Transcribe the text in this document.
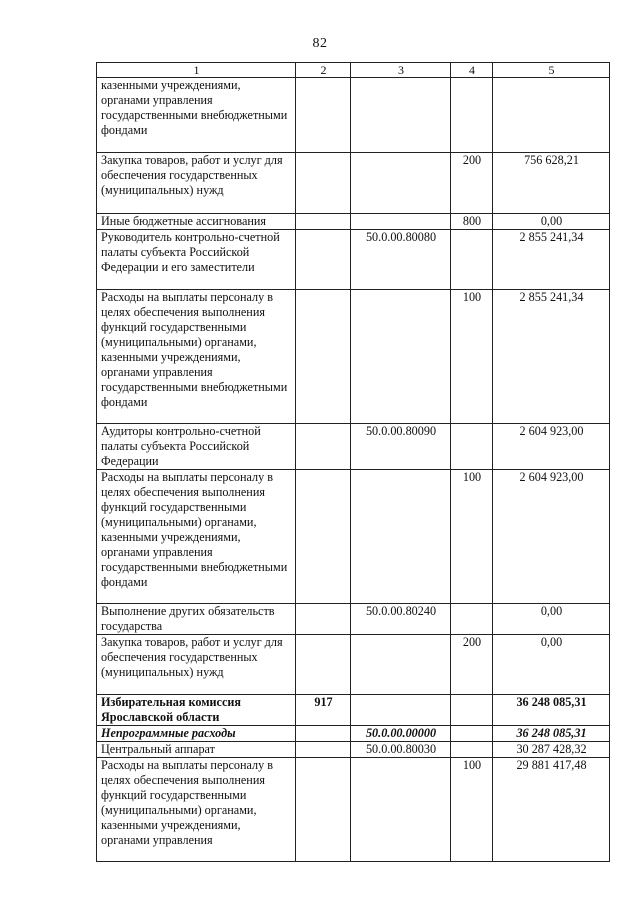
82
1	2	3	4	5
казенными учреждениями, органами управления государственными внебюджетными фондами				
Закупка товаров, работ и услуг для обеспечения государственных (муниципальных) нужд			200	756 628,21
Иные бюджетные ассигнования			800	0,00
Руководитель контрольно-счетной палаты субъекта Российской Федерации и его заместители		50.0.00.80080		2 855 241,34
Расходы на выплаты персоналу в целях обеспечения выполнения функций государственными (муниципальными) органами, казенными учреждениями, органами управления государственными внебюджетными фондами			100	2 855 241,34
Аудиторы контрольно-счетной палаты субъекта Российской Федерации		50.0.00.80090		2 604 923,00
Расходы на выплаты персоналу в целях обеспечения выполнения функций государственными (муниципальными) органами, казенными учреждениями, органами управления государственными внебюджетными фондами			100	2 604 923,00
Выполнение других обязательств государства		50.0.00.80240		0,00
Закупка товаров, работ и услуг для обеспечения государственных (муниципальных) нужд			200	0,00
Избирательная комиссия Ярославской области	917			36 248 085,31
Непрограммные расходы		50.0.00.00000		36 248 085,31
Центральный аппарат		50.0.00.80030		30 287 428,32
Расходы на выплаты персоналу в целях обеспечения выполнения функций государственными (муниципальными) органами, казенными учреждениями, органами управления			100	29 881 417,48
